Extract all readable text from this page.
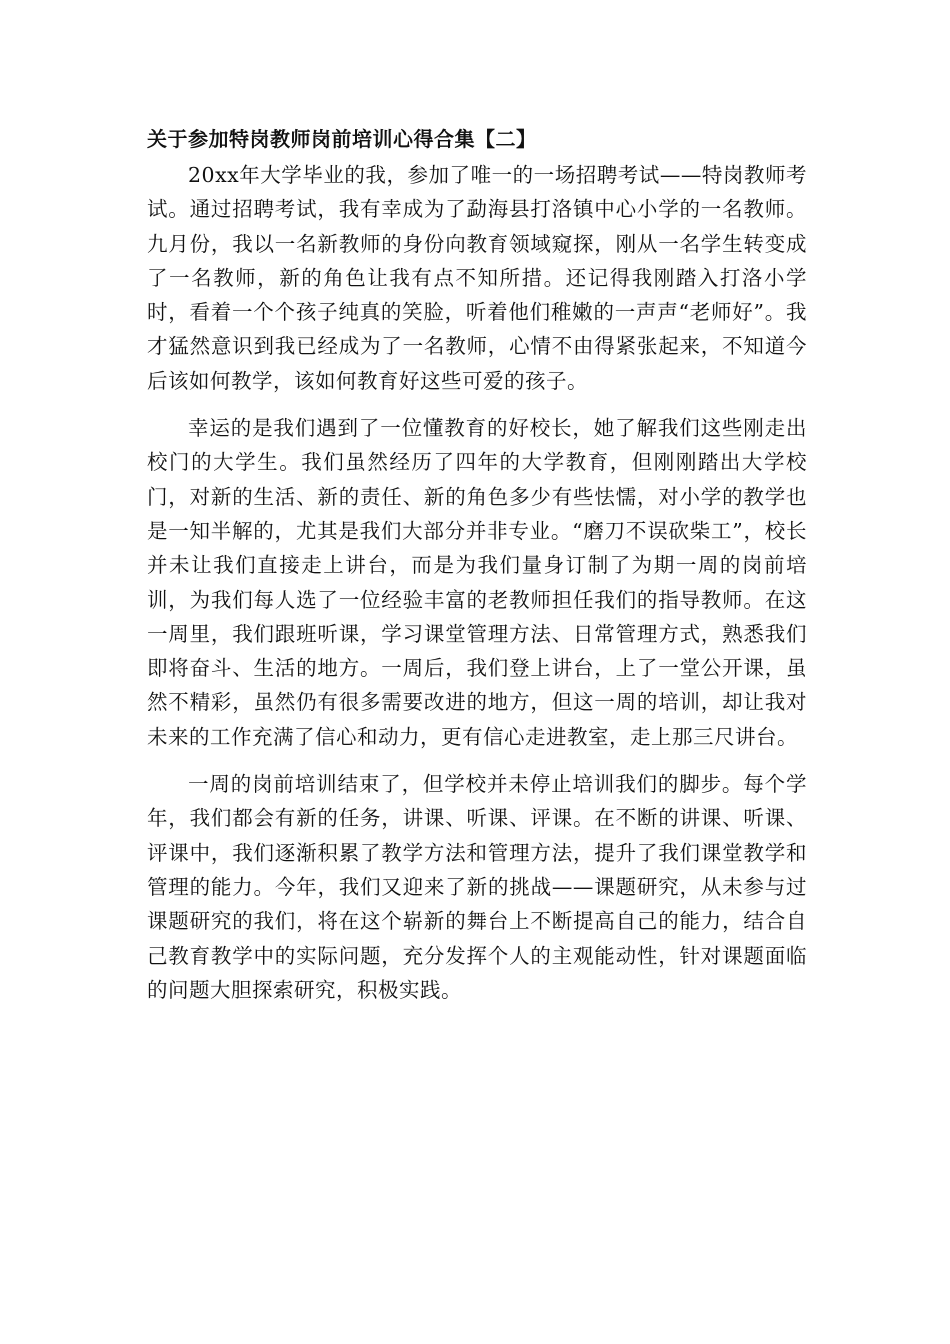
关于参加特岗教师岗前培训心得合集【二】

20xx年大学毕业的我，参加了唯一的一场招聘考试——特岗教师考试。通过招聘考试，我有幸成为了勐海县打洛镇中心小学的一名教师。 九月份，我以一名新教师的身份向教育领域窥探，刚从一名学生转变成了一名教师，新的角色让我有点不知所措。还记得我刚踏入打洛小学时，看着一个个孩子纯真的笑脸，听着他们稚嫩的一声声“老师好”。我才猛然意识到我已经成为了一名教师，心情不由得紧张起来，不知道今后该如何教学，该如何教育好这些可爱的孩子。

幸运的是我们遇到了一位懂教育的好校长，她了解我们这些刚走出校门的大学生。我们虽然经历了四年的大学教育，但刚刚踏出大学校门，对新的生活、新的责任、新的角色多少有些怯懦，对小学的教学也是一知半解的，尤其是我们大部分并非专业。“磨刀不误砍柴工”，校长并未让我们直接走上讲台，而是为我们量身订制了为期一周的岗前培训，为我们每人选了一位经验丰富的老教师担任我们的指导教师。在这一周里，我们跟班听课，学习课堂管理方法、日常管理方式，熟悉我们即将奋斗、生活的地方。一周后，我们登上讲台，上了一堂公开课，虽然不精彩，虽然仍有很多需要改进的地方，但这一周的培训，却让我对未来的工作充满了信心和动力，更有信心走进教室，走上那三尺讲台。

一周的岗前培训结束了，但学校并未停止培训我们的脚步。每个学年，我们都会有新的任务，讲课、听课、评课。在不断的讲课、听课、评课中，我们逐渐积累了教学方法和管理方法，提升了我们课堂教学和管理的能力。今年，我们又迎来了新的挑战——课题研究，从未参与过课题研究的我们，将在这个崭新的舞台上不断提高自己的能力，结合自己教育教学中的实际问题，充分发挥个人的主观能动性，针对课题面临的问题大胆探索研究，积极实践。
